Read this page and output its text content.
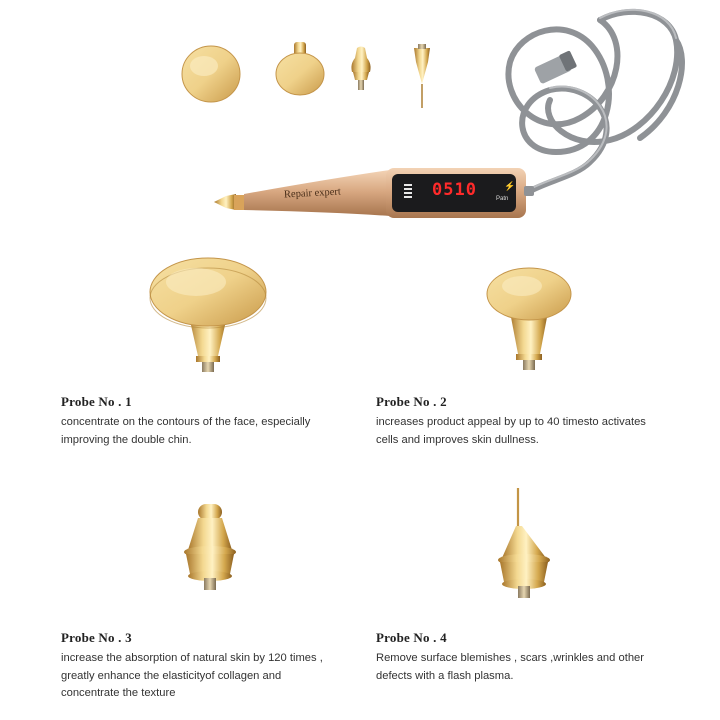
Repair expert	0510	Patn
⚡
Probe No . 1
concentrate on the contours of the face, especially
improving the double chin.
Probe No . 2
increases product appeal by up to 40 timesto activates
cells and improves skin dullness.
Probe No . 3
increase the absorption of natural skin by 120 times ,
greatly enhance the elasticityof collagen and
concentrate the texture
Probe No . 4
Remove surface blemishes , scars ,wrinkles and other
defects with a flash plasma.
